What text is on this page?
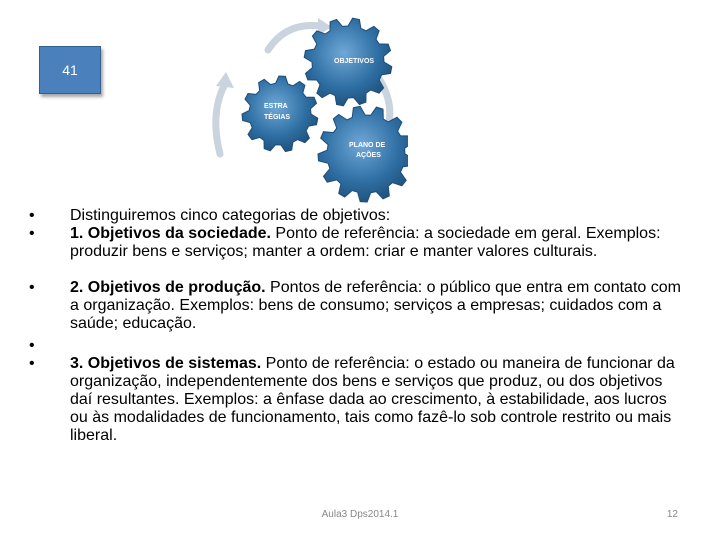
41
OBJETIVOS
ESTRA
TÉGIAS
PLANO DE
AÇÕES
•	Distinguiremos cinco categorias de objetivos:
•	1. Objetivos da sociedade. Ponto de referência: a sociedade em geral. Exemplos: produzir bens e serviços; manter a ordem: criar e manter valores culturais.
•	2. Objetivos de produção. Pontos de referência: o público que entra em contato com a organização. Exemplos: bens de consumo; serviços a empresas; cuidados com a saúde; educação.
•

•	3. Objetivos de sistemas. Ponto de referência: o estado ou maneira de funcionar da organização, independentemente dos bens e serviços que produz, ou dos objetivos daí resultantes. Exemplos: a ênfase dada ao crescimento, à estabilidade, aos lucros ou às modalidades de funcionamento, tais como fazê-lo sob controle restrito ou mais liberal.
Aula3 Dps2014.1	12
